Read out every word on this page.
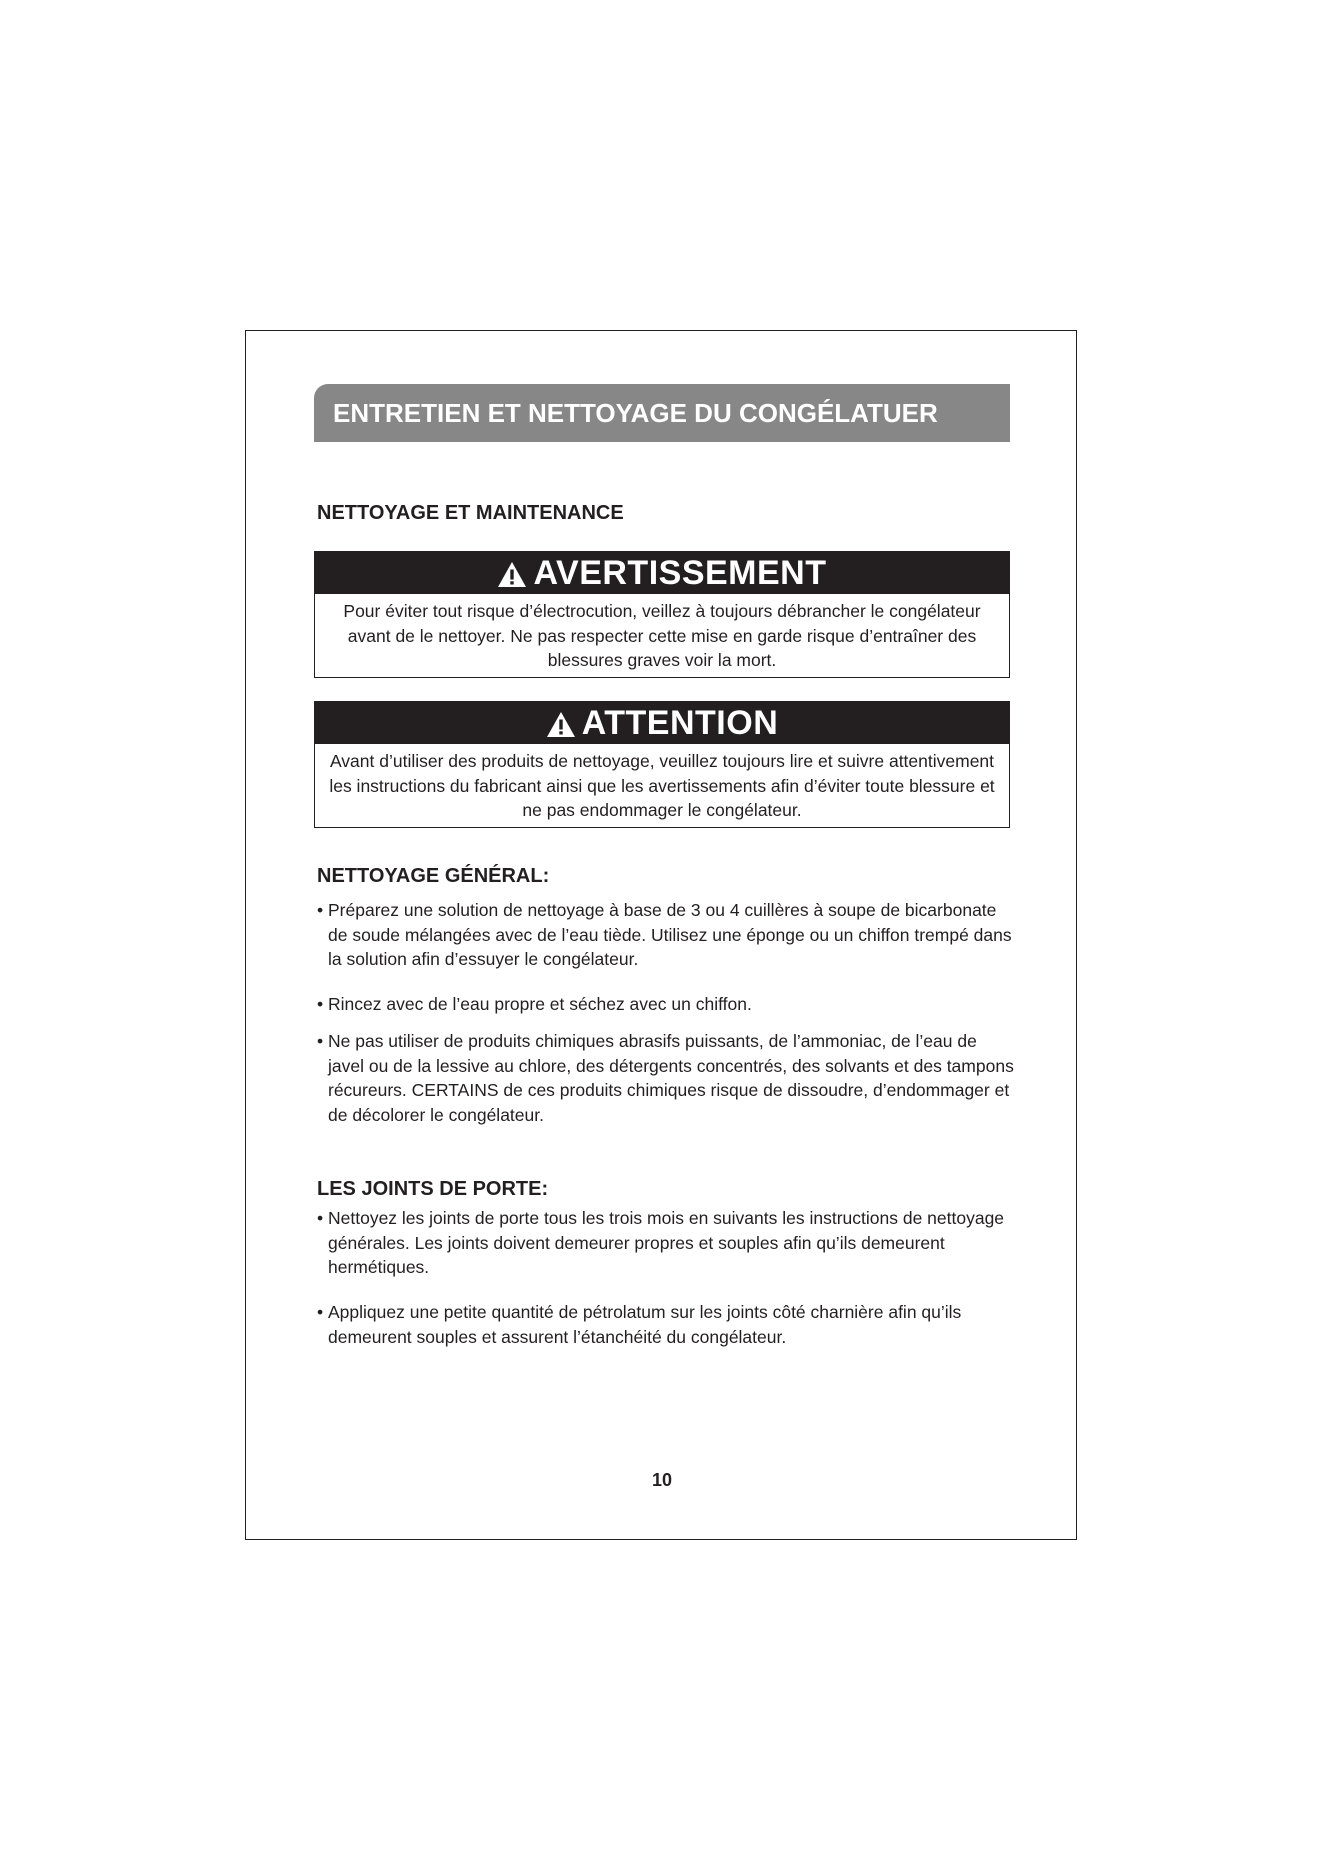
ENTRETIEN ET NETTOYAGE DU CONGÉLATUER
NETTOYAGE ET MAINTENANCE
AVERTISSEMENT
Pour éviter tout risque d’électrocution, veillez à toujours débrancher le congélateur avant de le nettoyer. Ne pas respecter cette mise en garde risque d’entraîner des blessures graves voir la mort.
ATTENTION
Avant d’utiliser des produits de nettoyage, veuillez toujours lire et suivre attentivement les instructions du fabricant ainsi que les avertissements afin d’éviter toute blessure et ne pas endommager le congélateur.
NETTOYAGE GÉNÉRAL:
• Préparez une solution de nettoyage à base de 3 ou 4 cuillères à soupe de bicarbonate de soude mélangées avec de l’eau tiède. Utilisez une éponge ou un chiffon trempé dans la solution afin d’essuyer le congélateur.
• Rincez avec de l’eau propre et séchez avec un chiffon.
• Ne pas utiliser de produits chimiques abrasifs puissants, de l’ammoniac, de l’eau de javel ou de la lessive au chlore, des détergents concentrés, des solvants et des tampons récureurs. CERTAINS de ces produits chimiques risque de dissoudre, d’endommager et de décolorer le congélateur.
LES JOINTS DE PORTE:
• Nettoyez les joints de porte tous les trois mois en suivants les instructions de nettoyage générales. Les joints doivent demeurer propres et souples afin qu’ils demeurent hermétiques.
• Appliquez une petite quantité de pétrolatum sur les joints côté charnière afin qu’ils demeurent souples et assurent l’étanchéité du congélateur.
10
